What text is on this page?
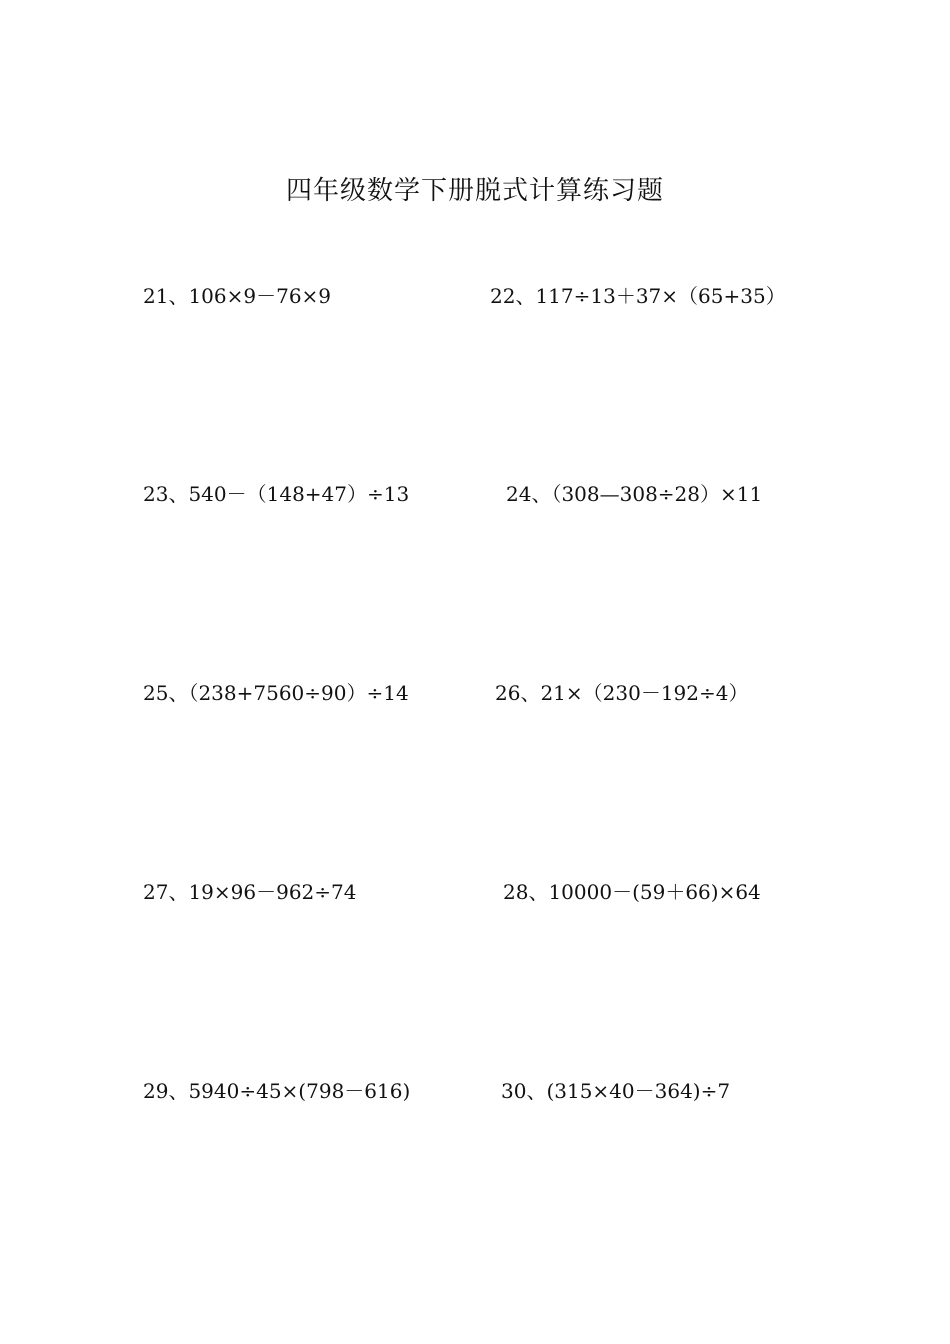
四年级数学下册脱式计算练习题
21、106×9－76×9	22、117÷13＋37×（65+35）
23、540－（148+47）÷13	24、（308—308÷28）×11
25、（238+7560÷90）÷14	26、21×（230－192÷4）
27、19×96－962÷74	28、10000－(59＋66)×64
29、5940÷45×(798－616)	30、(315×40－364)÷7
